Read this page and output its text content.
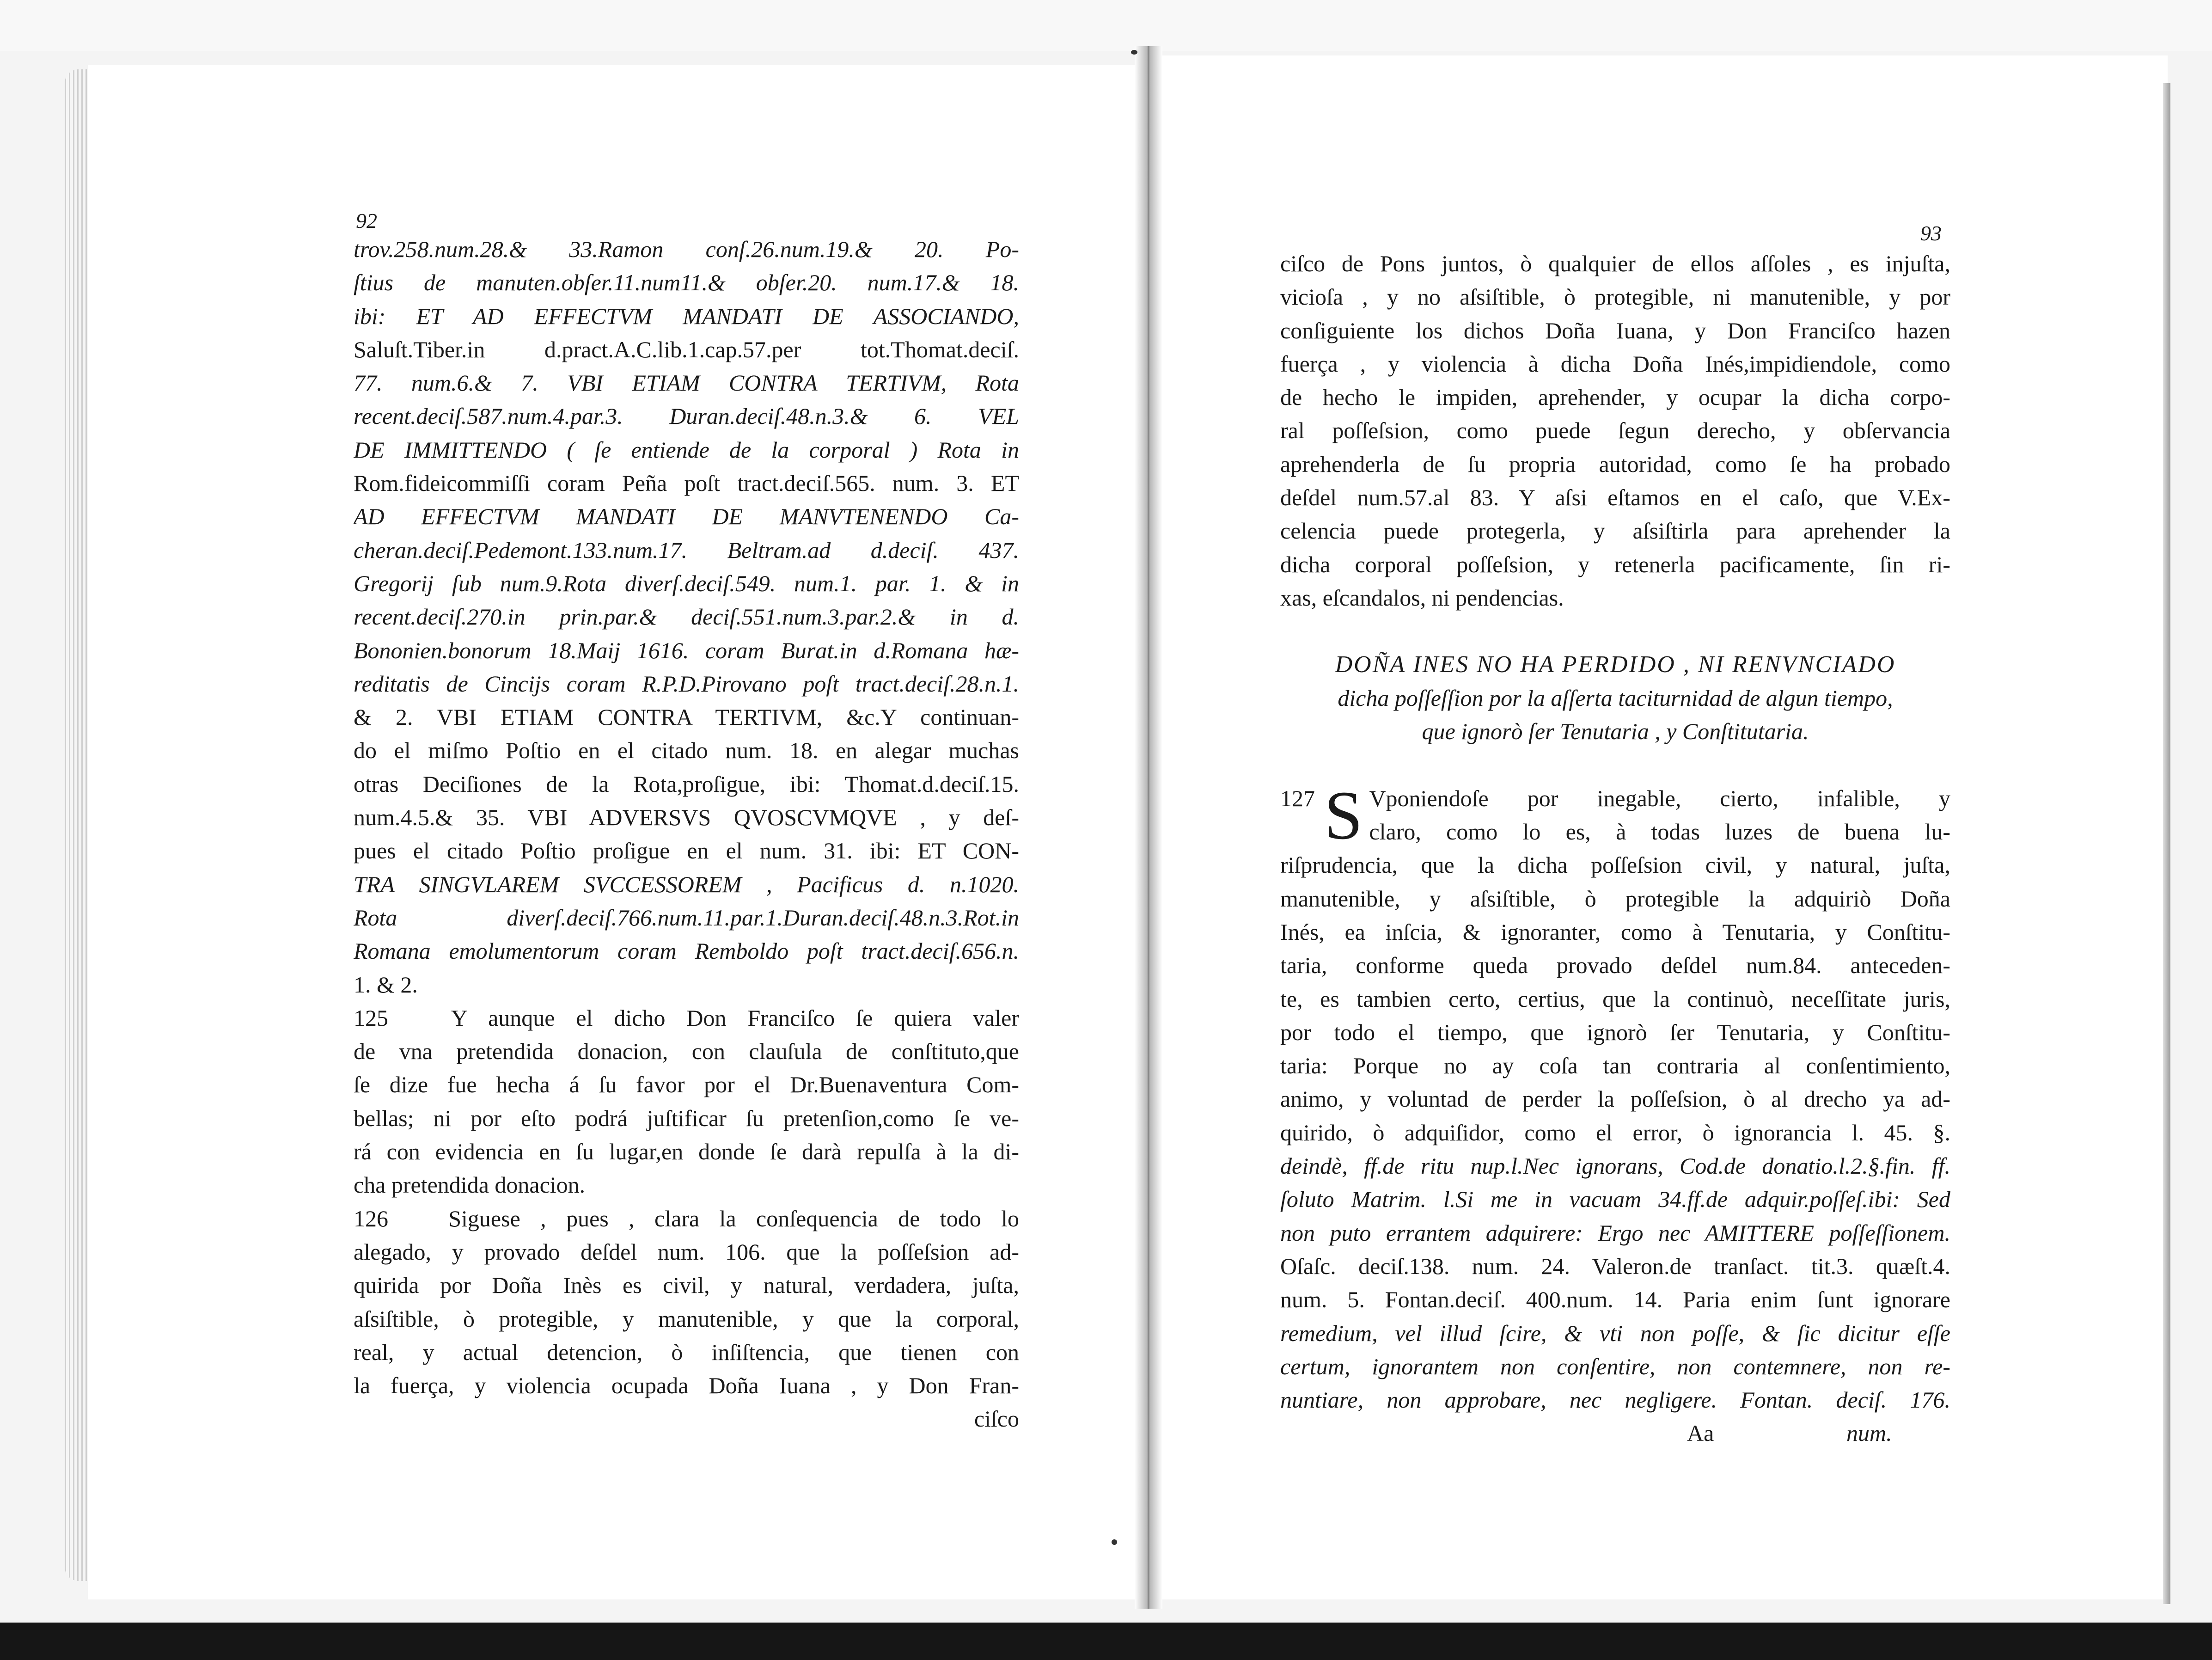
92
93
trov.258.num.28.& 33.Ramon conſ.26.num.19.& 20. Po-
ſtius de manuten.obſer.11.num11.& obſer.20. num.17.& 18.
ibi: ET AD EFFECTVM MANDATI DE ASSOCIANDO,
Saluſt.Tiber.in d.pract.A.C.lib.1.cap.57.per tot.Thomat.deciſ.
77. num.6.& 7. VBI ETIAM CONTRA TERTIVM, Rota
recent.deciſ.587.num.4.par.3. Duran.deciſ.48.n.3.& 6. VEL
DE IMMITTENDO ( ſe entiende de la corporal ) Rota in
Rom.fideicommiſſi coram Peña poſt tract.deciſ.565. num. 3. ET
AD EFFECTVM MANDATI DE MANVTENENDO Ca-
cheran.deciſ.Pedemont.133.num.17. Beltram.ad d.deciſ. 437.
Gregorij ſub num.9.Rota diverſ.deciſ.549. num.1. par. 1. & in
recent.deciſ.270.in prin.par.& deciſ.551.num.3.par.2.& in d.
Bononien.bonorum 18.Maij 1616. coram Burat.in d.Romana hæ-
reditatis de Cincijs coram R.P.D.Pirovano poſt tract.deciſ.28.n.1.
& 2. VBI ETIAM CONTRA TERTIVM, &c.Y continuan-
do el miſmo Poſtio en el citado num. 18. en alegar muchas
otras Deciſiones de la Rota,proſigue, ibi: Thomat.d.deciſ.15.
num.4.5.& 35. VBI ADVERSVS QVOSCVMQVE , y deſ-
pues el citado Poſtio proſigue en el num. 31. ibi: ET CON-
TRA SINGVLAREM SVCCESSOREM , Pacificus d. n.1020.
Rota diverſ.deciſ.766.num.11.par.1.Duran.deciſ.48.n.3.Rot.in
Romana emolumentorum coram Remboldo poſt tract.deciſ.656.n.
1. & 2.
125   Y aunque el dicho Don Franciſco ſe quiera valer
de vna pretendida donacion, con clauſula de conſtituto,que
ſe dize fue hecha á ſu favor por el Dr.Buenaventura Com-
bellas; ni por eſto podrá juſtificar ſu pretenſion,como ſe ve-
rá con evidencia en ſu lugar,en donde ſe darà repulſa à la di-
cha pretendida donacion.
126   Siguese , pues , clara la conſequencia de todo lo
alegado, y provado deſdel num. 106. que la poſſeſsion ad-
quirida por Doña Inès es civil, y natural, verdadera, juſta,
aſsiſtible, ò protegible, y manutenible, y que la corporal,
real, y actual detencion, ò inſiſtencia, que tienen con
la fuerça, y violencia ocupada Doña Iuana , y Don Fran-
ciſco
ciſco de Pons juntos, ò qualquier de ellos aſſoles , es injuſta,
vicioſa , y no aſsiſtible, ò protegible, ni manutenible, y por
conſiguiente los dichos Doña Iuana, y Don Franciſco hazen
fuerça , y violencia à dicha Doña Inés,impidiendole, como
de hecho le impiden, aprehender, y ocupar la dicha corpo-
ral poſſeſsion, como puede ſegun derecho, y obſervancia
aprehenderla de ſu propria autoridad, como ſe ha probado
deſdel num.57.al 83. Y aſsi eſtamos en el caſo, que V.Ex-
celencia puede protegerla, y aſsiſtirla para aprehender la
dicha corporal poſſeſsion, y retenerla pacificamente, ſin ri-
xas, eſcandalos, ni pendencias.
DOÑA INES NO HA PERDIDO , NI RENVNCIADO
dicha poſſeſſion por la aſſerta taciturnidad de algun tiempo,
que ignorò ſer Tenutaria , y Conſtitutaria.
127 S Vponiendoſe por inegable, cierto, infalible, y
claro, como lo es, à todas luzes de buena lu-
riſprudencia, que la dicha poſſeſsion civil, y natural, juſta,
manutenible, y aſsiſtible, ò protegible la adquiriò Doña
Inés, ea inſcia, & ignoranter, como à Tenutaria, y Conſtitu-
taria, conforme queda provado deſdel num.84. anteceden-
te, es tambien certo, certius, que la continuò, neceſſitate juris,
por todo el tiempo, que ignorò ſer Tenutaria, y Conſtitu-
taria: Porque no ay coſa tan contraria al conſentimiento,
animo, y voluntad de perder la poſſeſsion, ò al drecho ya ad-
quirido, ò adquiſidor, como el error, ò ignorancia l. 45. §.
deindè, ff.de ritu nup.l.Nec ignorans, Cod.de donatio.l.2.§.fin. ff.
ſoluto Matrim. l.Si me in vacuam 34.ff.de adquir.poſſeſ.ibi: Sed
non puto errantem adquirere: Ergo nec AMITTERE poſſeſſionem.
Oſaſc. deciſ.138. num. 24. Valeron.de tranſact. tit.3. quæſt.4.
num. 5. Fontan.deciſ. 400.num. 14. Paria enim ſunt ignorare
remedium, vel illud ſcire, & vti non poſſe, & ſic dicitur eſſe
certum, ignorantem non conſentire, non contemnere, non re-
nuntiare, non approbare, nec negligere. Fontan. deciſ. 176.
Aa	num.
